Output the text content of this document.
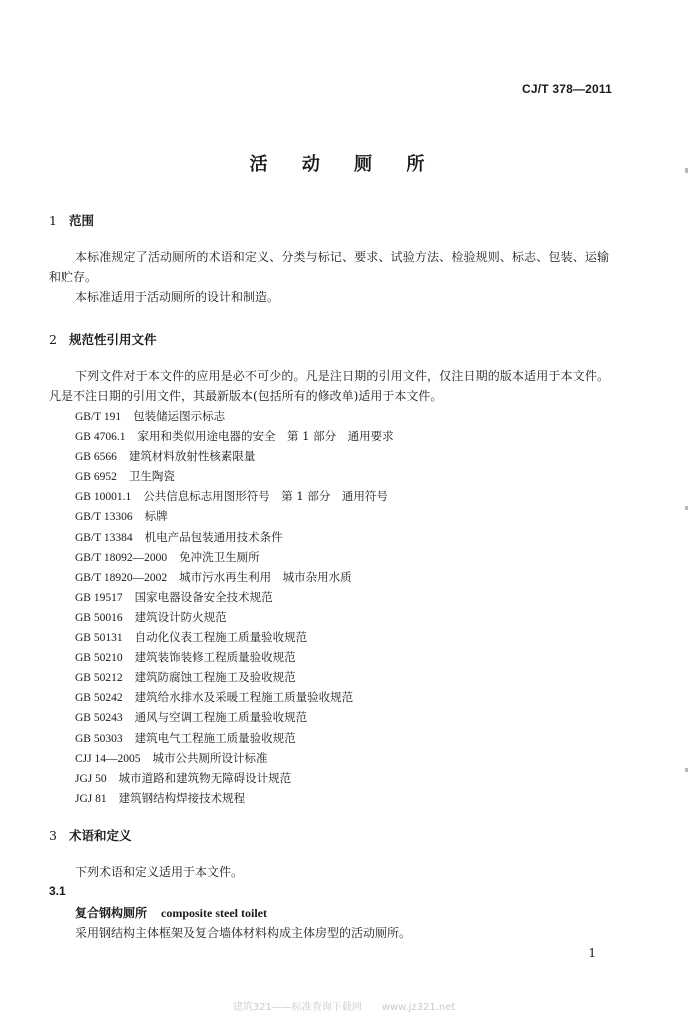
CJ/T 378—2011
活 动 厕 所
1 范围
本标准规定了活动厕所的术语和定义、分类与标记、要求、试验方法、检验规则、标志、包装、运输和贮存。
本标准适用于活动厕所的设计和制造。
2 规范性引用文件
下列文件对于本文件的应用是必不可少的。凡是注日期的引用文件，仅注日期的版本适用于本文件。凡是不注日期的引用文件，其最新版本(包括所有的修改单)适用于本文件。
GB/T 191 包装储运图示标志
GB 4706.1 家用和类似用途电器的安全　第 1 部分　通用要求
GB 6566 建筑材料放射性核素限量
GB 6952 卫生陶瓷
GB 10001.1 公共信息标志用图形符号　第 1 部分　通用符号
GB/T 13306 标牌
GB/T 13384 机电产品包装通用技术条件
GB/T 18092—2000 免冲洗卫生厕所
GB/T 18920—2002 城市污水再生利用　城市杂用水质
GB 19517 国家电器设备安全技术规范
GB 50016 建筑设计防火规范
GB 50131 自动化仪表工程施工质量验收规范
GB 50210 建筑装饰装修工程质量验收规范
GB 50212 建筑防腐蚀工程施工及验收规范
GB 50242 建筑给水排水及采暖工程施工质量验收规范
GB 50243 通风与空调工程施工质量验收规范
GB 50303 建筑电气工程施工质量验收规范
CJJ 14—2005 城市公共厕所设计标准
JGJ 50 城市道路和建筑物无障碍设计规范
JGJ 81 建筑钢结构焊接技术规程
3 术语和定义
下列术语和定义适用于本文件。
3.1
复合钢构厕所 composite steel toilet
采用钢结构主体框架及复合墙体材料构成主体房型的活动厕所。
1
建筑321——标准查询下载网　　www.jz321.net
